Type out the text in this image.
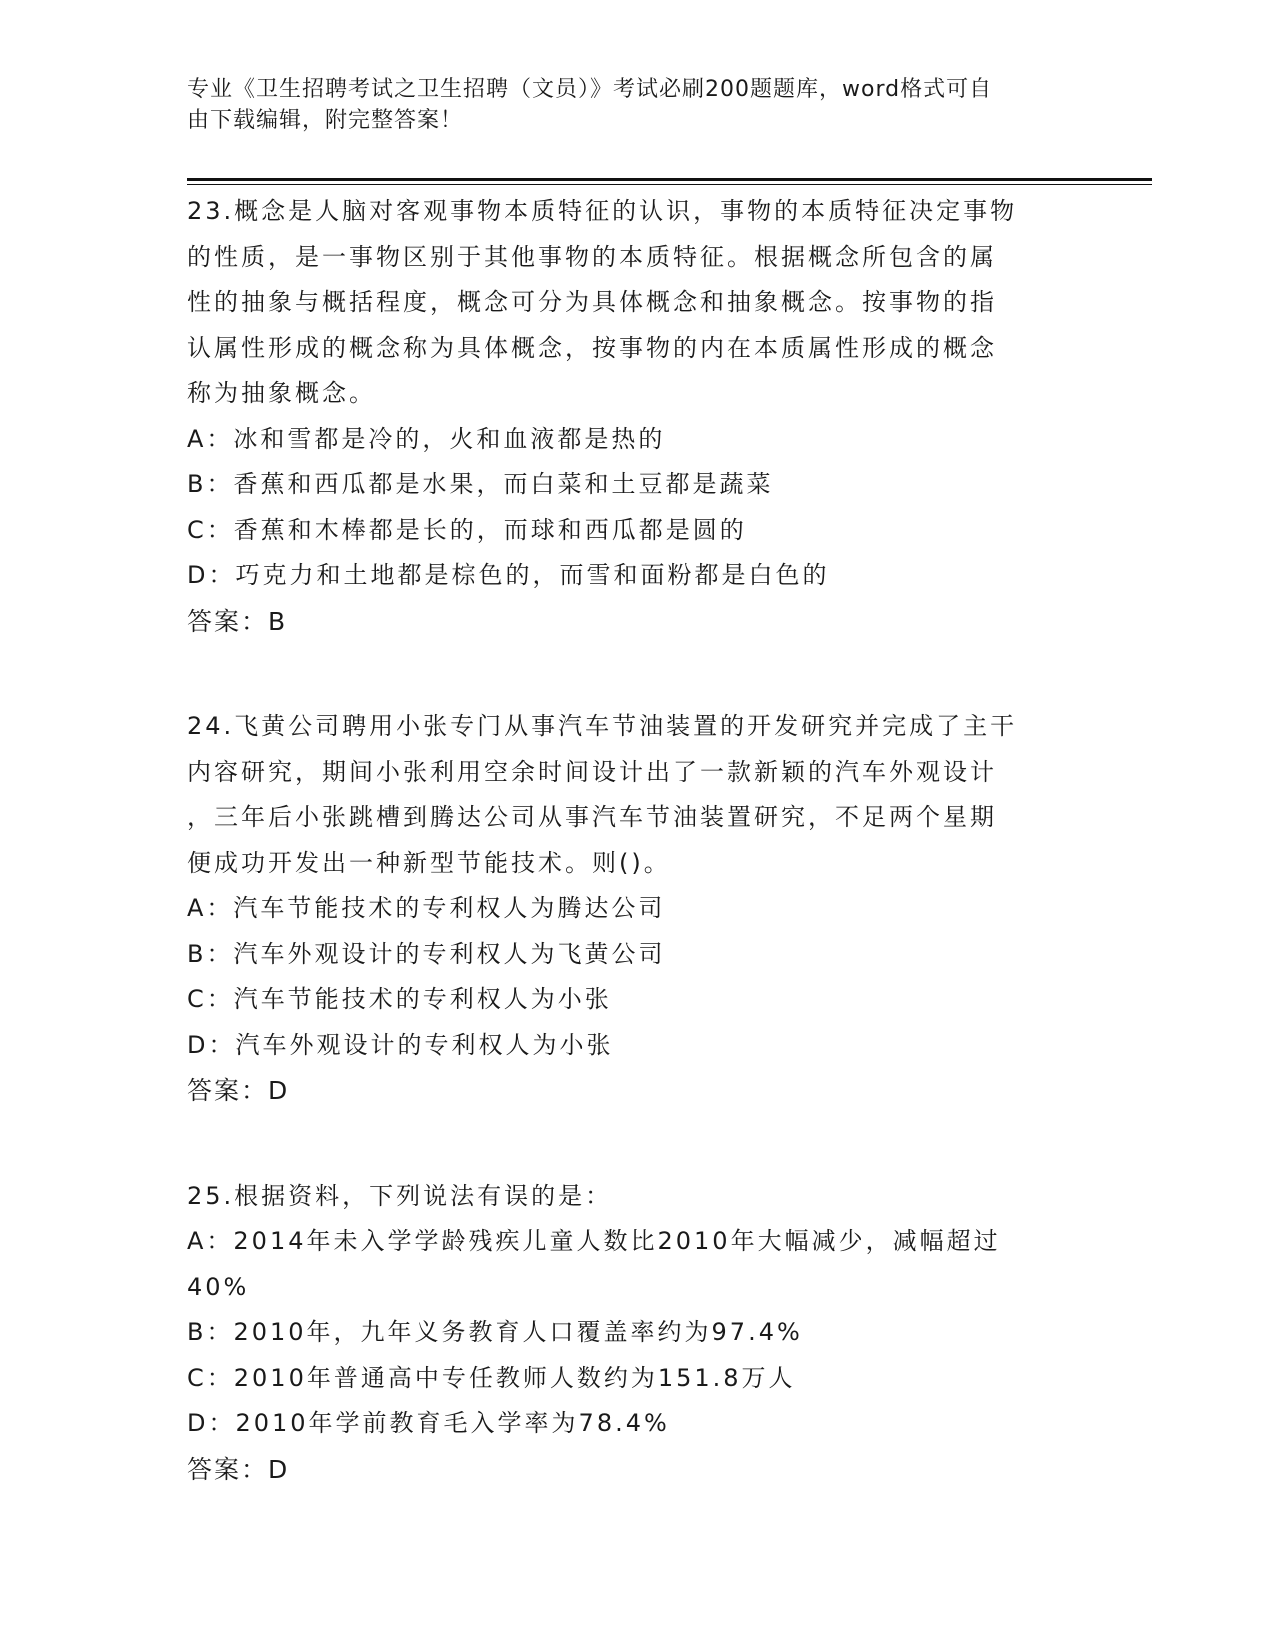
专业《卫生招聘考试之卫生招聘（文员）》考试必刷200题题库，word格式可自
由下载编辑，附完整答案！
23.概念是人脑对客观事物本质特征的认识，事物的本质特征决定事物
的性质，是一事物区别于其他事物的本质特征。根据概念所包含的属
性的抽象与概括程度，概念可分为具体概念和抽象概念。按事物的指
认属性形成的概念称为具体概念，按事物的内在本质属性形成的概念
称为抽象概念。
A：冰和雪都是冷的，火和血液都是热的
B：香蕉和西瓜都是水果，而白菜和土豆都是蔬菜
C：香蕉和木棒都是长的，而球和西瓜都是圆的
D：巧克力和土地都是棕色的，而雪和面粉都是白色的
答案：B
24.飞黄公司聘用小张专门从事汽车节油装置的开发研究并完成了主干
内容研究，期间小张利用空余时间设计出了一款新颖的汽车外观设计
，三年后小张跳槽到腾达公司从事汽车节油装置研究，不足两个星期
便成功开发出一种新型节能技术。则()。
A：汽车节能技术的专利权人为腾达公司
B：汽车外观设计的专利权人为飞黄公司
C：汽车节能技术的专利权人为小张
D：汽车外观设计的专利权人为小张
答案：D
25.根据资料，下列说法有误的是：
A：2014年未入学学龄残疾儿童人数比2010年大幅减少，减幅超过
40%
B：2010年，九年义务教育人口覆盖率约为97.4%
C：2010年普通高中专任教师人数约为151.8万人
D：2010年学前教育毛入学率为78.4%
答案：D
